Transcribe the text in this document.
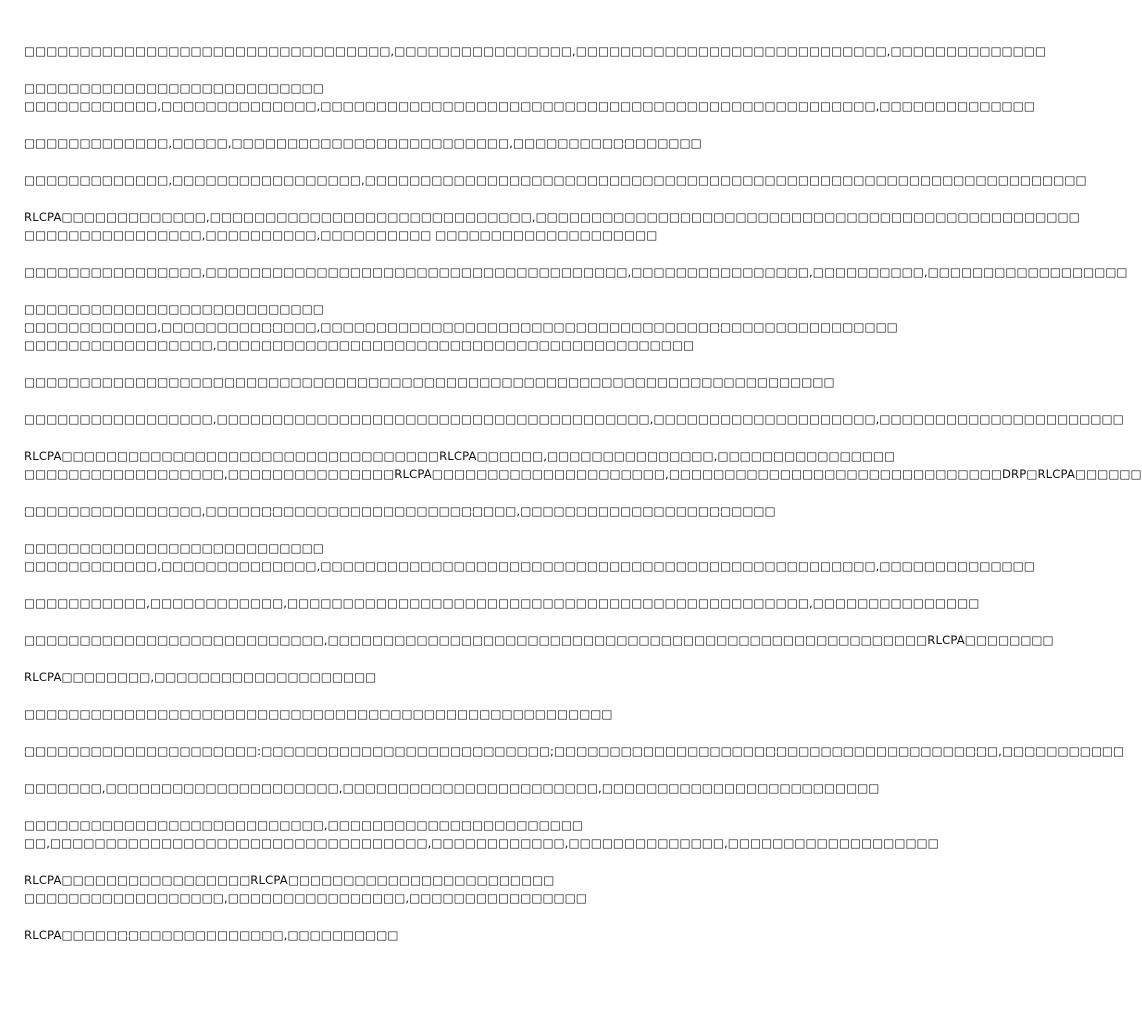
□□□□□□□□□□□□□□□□□□□□□□□□□□□□□□□□□,□□□□□□□□□□□□□□□□,□□□□□□□□□□□□□□□□□□□□□□□□□□□□,□□□□□□□□□□□□□□
□□□□□□□□□□□□□□□□□□□□□□□□□□□
□□□□□□□□□□□□,□□□□□□□□□□□□□□,□□□□□□□□□□□□□□□□□□□□□□□□□□□□□□□□□□□□□□□□□□□□□□□□□□,□□□□□□□□□□□□□□
□□□□□□□□□□□□□,□□□□□,□□□□□□□□□□□□□□□□□□□□□□□□□,□□□□□□□□□□□□□□□□□
□□□□□□□□□□□□□,□□□□□□□□□□□□□□□□□,□□□□□□□□□□□□□□□□□□□□□□□□□□□□□□□□□□□□□□□□□□□□□□□□□□□□□□□□□□□□□□□□□
RLCPA□□□□□□□□□□□□□,□□□□□□□□□□□□□□□□□□□□□□□□□□□□□,□□□□□□□□□□□□□□□□□□□□□□□□□□□□□□□□□□□□□□□□□□□□□□□□□
□□□□□□□□□□□□□□□□,□□□□□□□□□□,□□□□□□□□□□ □□□□□□□□□□□□□□□□□□□□
□□□□□□□□□□□□□□□□,□□□□□□□□□□□□□□□□□□□□□□□□□□□□□□□□□□□□□□,□□□□□□□□□□□□□□□□,□□□□□□□□□□,□□□□□□□□□□□□□□□□□□
□□□□□□□□□□□□□□□□□□□□□□□□□□□
□□□□□□□□□□□□,□□□□□□□□□□□□□□,□□□□□□□□□□□□□□□□□□□□□□□□□□□□□□□□□□□□□□□□□□□□□□□□□□□□
□□□□□□□□□□□□□□□□□,□□□□□□□□□□□□□□□□□□□□□□□□□□□□□□□□□□□□□□□□□□□
□□□□□□□□□□□□□□□□□□□□□□□□□□□□□□□□□□□□□□□□□□□□□□□□□□□□□□□□□□□□□□□□□□□□□□□□□
□□□□□□□□□□□□□□□□□,□□□□□□□□□□□□□□□□□□□□□□□□□□□□□□□□□□□□□□□,□□□□□□□□□□□□□□□□□□□□,□□□□□□□□□□□□□□□□□□□□□□
RLCPA□□□□□□□□□□□□□□□□□□□□□□□□□□□□□□□□□□RLCPA□□□□□□,□□□□□□□□□□□□□□□,□□□□□□□□□□□□□□□□
□□□□□□□□□□□□□□□□□□,□□□□□□□□□□□□□□□RLCPA□□□□□□□□□□□□□□□□□□□□□,□□□□□□□□□□□□□□□□□□□□□□□□□□□□□□DRP□RLCPA□□□□□□
□□□□□□□□□□□□□□□□,□□□□□□□□□□□□□□□□□□□□□□□□□□□□,□□□□□□□□□□□□□□□□□□□□□□□
□□□□□□□□□□□□□□□□□□□□□□□□□□□
□□□□□□□□□□□□,□□□□□□□□□□□□□□,□□□□□□□□□□□□□□□□□□□□□□□□□□□□□□□□□□□□□□□□□□□□□□□□□□,□□□□□□□□□□□□□□
□□□□□□□□□□□,□□□□□□□□□□□□,□□□□□□□□□□□□□□□□□□□□□□□□□□□□□□□□□□□□□□□□□□□□□□□,□□□□□□□□□□□□□□□
□□□□□□□□□□□□□□□□□□□□□□□□□□□,□□□□□□□□□□□□□□□□□□□□□□□□□□□□□□□□□□□□□□□□□□□□□□□□□□□□□□RLCPA□□□□□□□□
RLCPA□□□□□□□□,□□□□□□□□□□□□□□□□□□□□
□□□□□□□□□□□□□□□□□□□□□□□□□□□□□□□□□□□□□□□□□□□□□□□□□□□□□
□□□□□□□□□□□□□□□□□□□□□:□□□□□□□□□□□□□□□□□□□□□□□□□□;□□□□□□□□□□□□□□□□□□□□□□□□□□□□□□□□□□□□□□□□,□□□□□□□□□□□
□□□□□□□,□□□□□□□□□□□□□□□□□□□□□,□□□□□□□□□□□□□□□□□□□□□□□,□□□□□□□□□□□□□□□□□□□□□□□□□
□□□□□□□□□□□□□□□□□□□□□□□□□□□,□□□□□□□□□□□□□□□□□□□□□□□
□□,□□□□□□□□□□□□□□□□□□□□□□□□□□□□□□□□□□,□□□□□□□□□□□□,□□□□□□□□□□□□□□,□□□□□□□□□□□□□□□□□□□
RLCPA□□□□□□□□□□□□□□□□□RLCPA□□□□□□□□□□□□□□□□□□□□□□□□
□□□□□□□□□□□□□□□□□□,□□□□□□□□□□□□□□□□,□□□□□□□□□□□□□□□□
RLCPA□□□□□□□□□□□□□□□□□□□□,□□□□□□□□□□
